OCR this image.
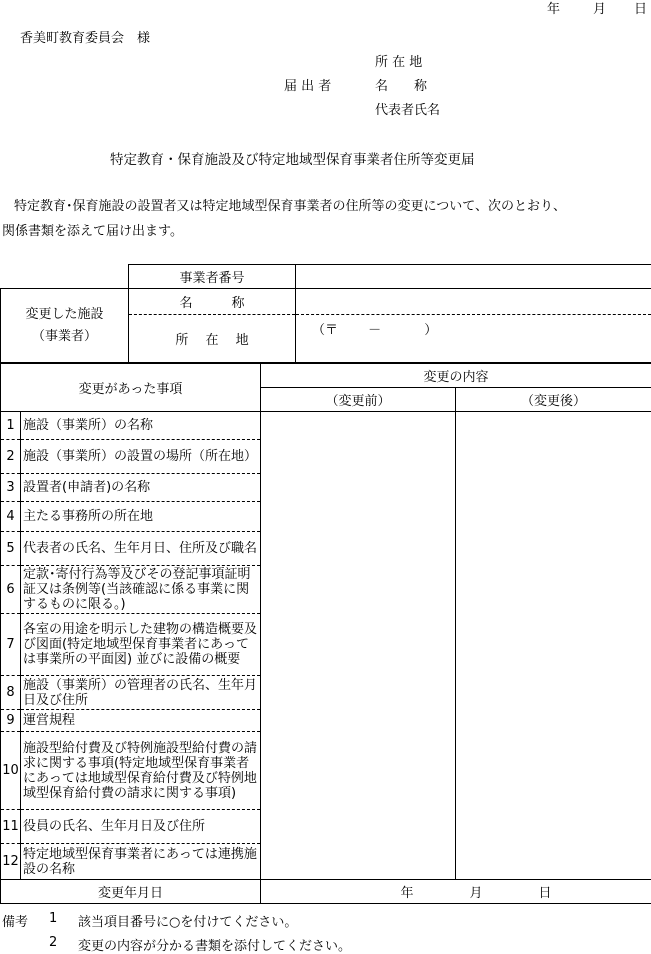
年	月 日
香美町教育委員会　様
所 在 地
届 出 者	名　　称
代表者氏名
特定教育・保育施設及び特定地域型保育事業者住所等変更届
特定教育･保育施設の設置者又は特定地域型保育事業者の住所等の変更について、次のとおり、
関係書類を添えて届け出ます。
	事業者番号	

変更した施設
（事業者）	名　　　称	
	所　 在　 地	（〒　　 －　　　 ）
変更があった事項		変更の内容	
		（変更前）	（変更後）
1	施設（事業所）の名称		
2	施設（事業所）の設置の場所（所在地）		
3	設置者(申請者)の名称		
4	主たる事務所の所在地		
5	代表者の氏名、生年月日、住所及び職名		
6	定款･寄付行為等及びその登記事項証明証又は条例等(当該確認に係る事業に関するものに限る。)		
7	各室の用途を明示した建物の構造概要及び図面(特定地域型保育事業者にあっては事業所の平面図) 並びに設備の概要		
8	施設（事業所）の管理者の氏名、生年月日及び住所		
9	運営規程		
10	施設型給付費及び特例施設型給付費の請求に関する事項(特定地域型保育事業者にあっては地域型保育給付費及び特例地域型保育給付費の請求に関する事項)		
11	役員の氏名、生年月日及び住所		
12	特定地域型保育事業者にあっては連携施設の名称		
変更年月日		年 月 日	
備考 1 該当項目番号に○を付けてください。
2 変更の内容が分かる書類を添付してください。
